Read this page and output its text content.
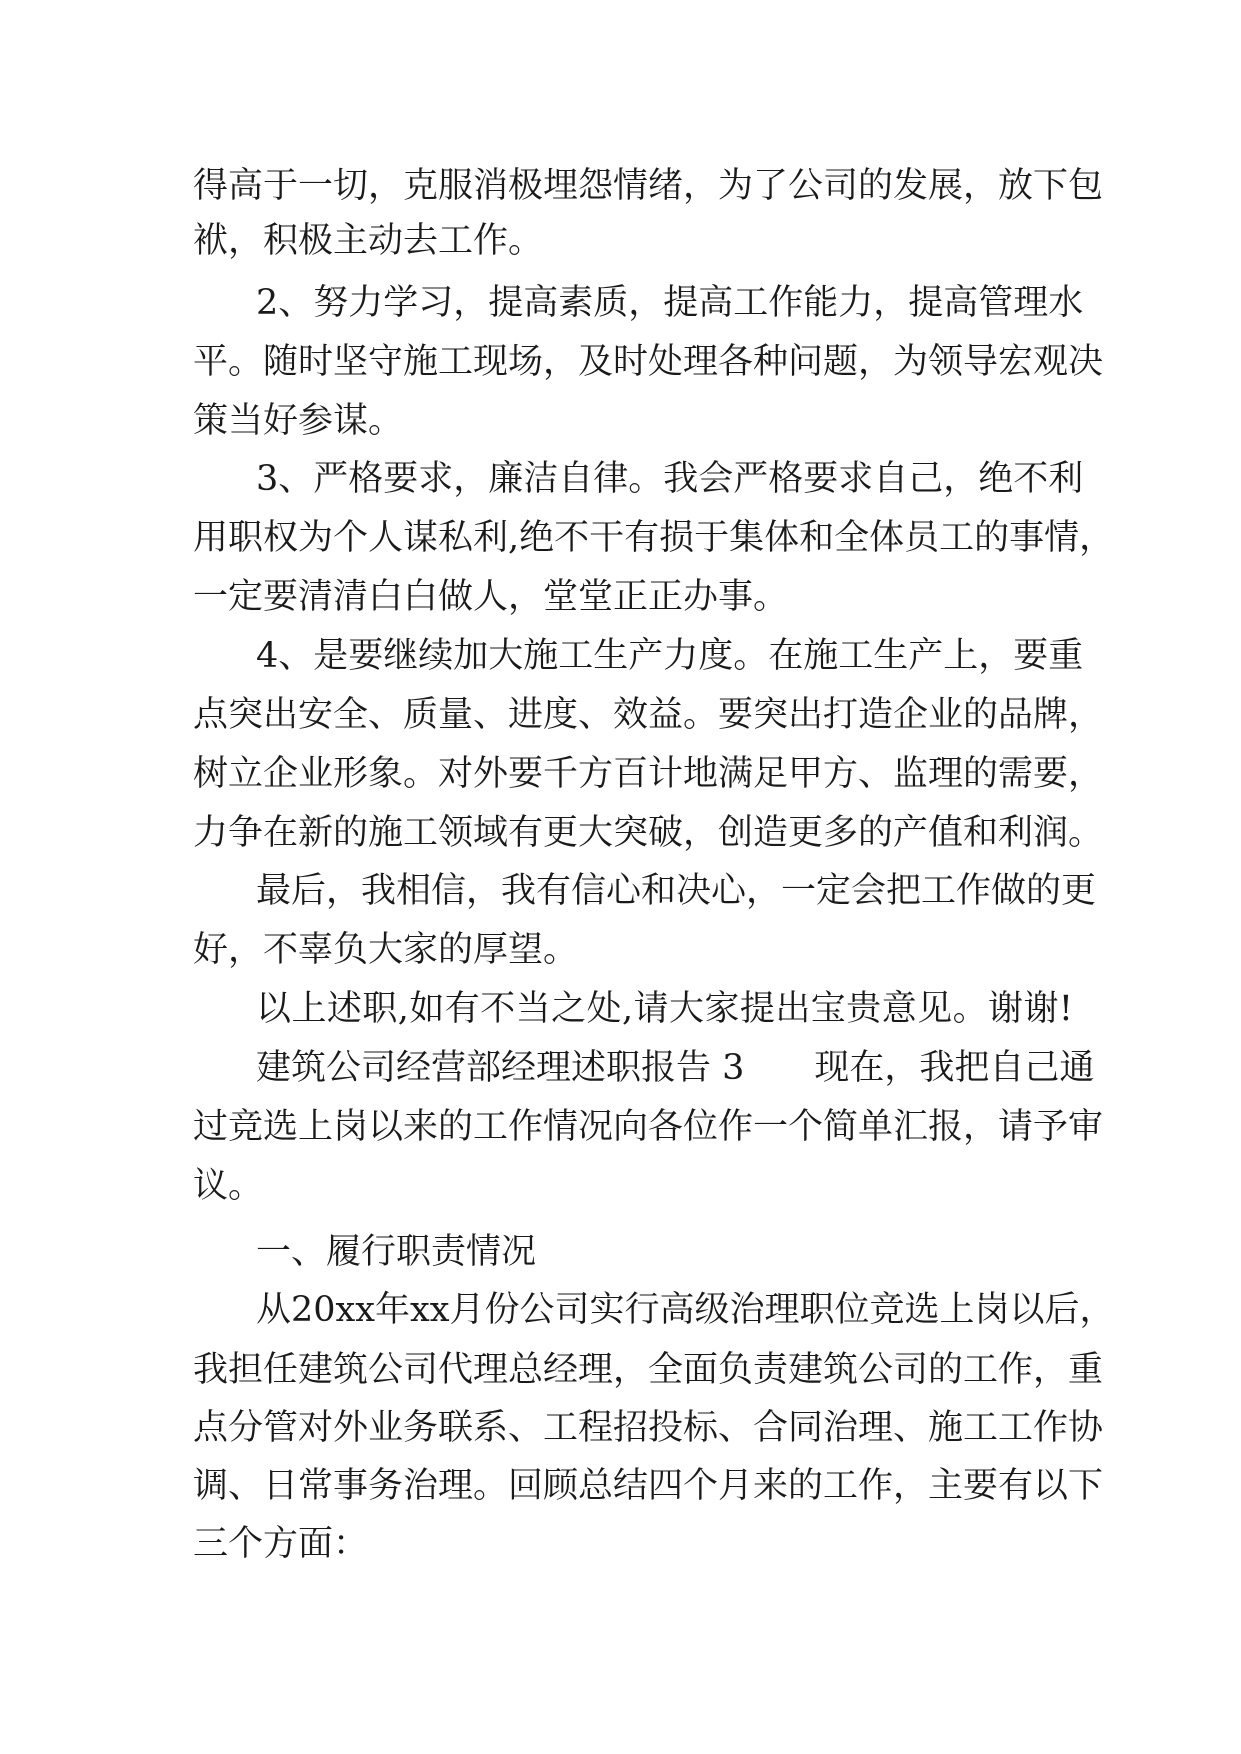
得高于一切，克服消极埋怨情绪，为了公司的发展，放下包
袱，积极主动去工作。
2、努力学习，提高素质，提高工作能力，提高管理水
平。随时坚守施工现场，及时处理各种问题，为领导宏观决
策当好参谋。
3、严格要求，廉洁自律。我会严格要求自己，绝不利
用职权为个人谋私利,绝不干有损于集体和全体员工的事情，
一定要清清白白做人，堂堂正正办事。
4、是要继续加大施工生产力度。在施工生产上，要重
点突出安全、质量、进度、效益。要突出打造企业的品牌，
树立企业形象。对外要千方百计地满足甲方、监理的需要，
力争在新的施工领域有更大突破，创造更多的产值和利润。
最后，我相信，我有信心和决心，一定会把工作做的更
好，不辜负大家的厚望。
以上述职,如有不当之处,请大家提出宝贵意见。谢谢!
建筑公司经营部经理述职报告 3　　现在，我把自己通
过竞选上岗以来的工作情况向各位作一个简单汇报，请予审
议。
一、履行职责情况
从20xx年xx月份公司实行高级治理职位竞选上岗以后，
我担任建筑公司代理总经理，全面负责建筑公司的工作，重
点分管对外业务联系、工程招投标、合同治理、施工工作协
调、日常事务治理。回顾总结四个月来的工作，主要有以下
三个方面：
